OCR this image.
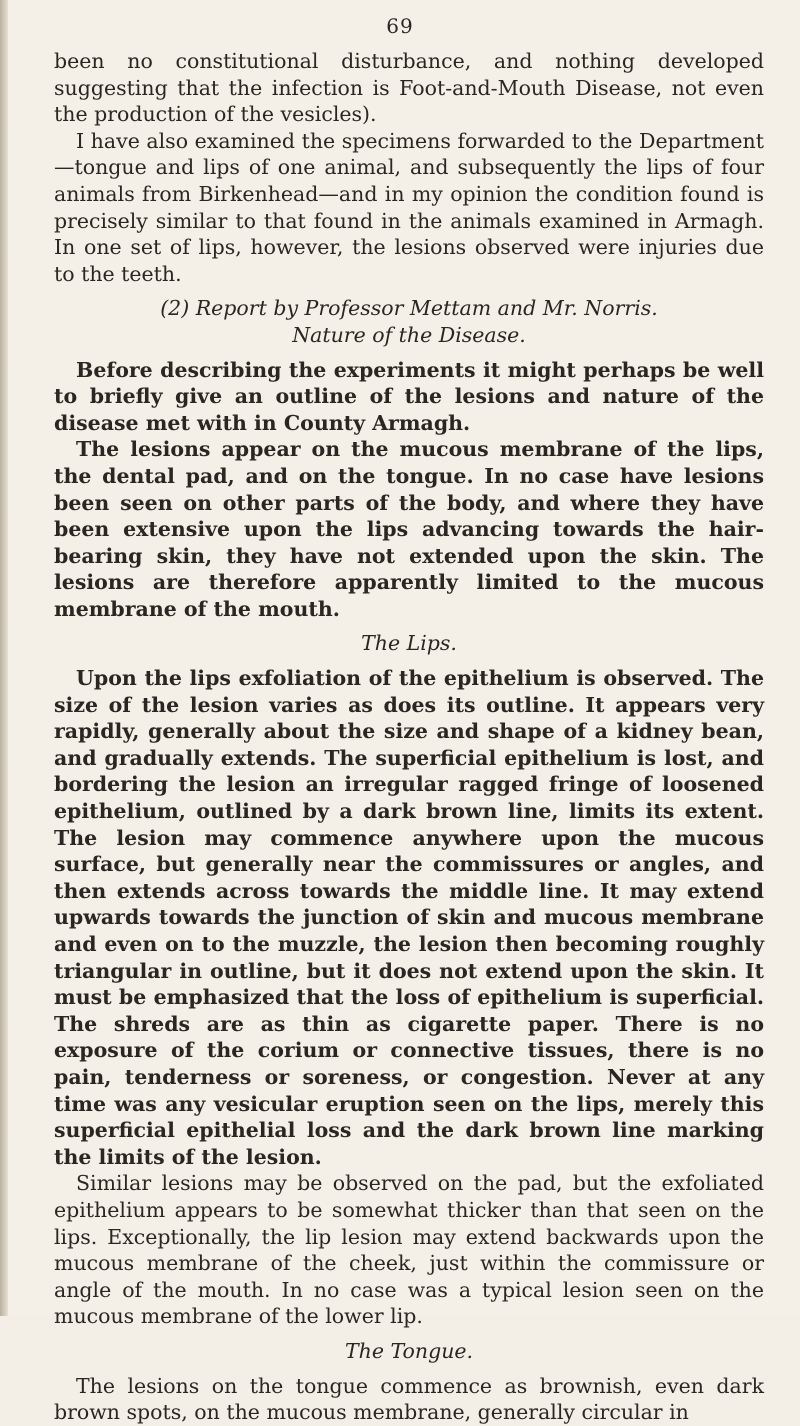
69

been no constitutional disturbance, and nothing developed suggesting that the infection is Foot-and-Mouth Disease, not even the production of the vesicles).

I have also examined the specimens forwarded to the Department—tongue and lips of one animal, and subsequently the lips of four animals from Birkenhead—and in my opinion the condition found is precisely similar to that found in the animals examined in Armagh. In one set of lips, however, the lesions observed were injuries due to the teeth.

(2) Report by Professor Mettam and Mr. Norris.

Nature of the Disease.

Before describing the experiments it might perhaps be well to briefly give an outline of the lesions and nature of the disease met with in County Armagh.

The lesions appear on the mucous membrane of the lips, the dental pad, and on the tongue. In no case have lesions been seen on other parts of the body, and where they have been extensive upon the lips advancing towards the hair-bearing skin, they have not extended upon the skin. The lesions are therefore apparently limited to the mucous membrane of the mouth.

The Lips.

Upon the lips exfoliation of the epithelium is observed. The size of the lesion varies as does its outline. It appears very rapidly, generally about the size and shape of a kidney bean, and gradually extends. The superficial epithelium is lost, and bordering the lesion an irregular ragged fringe of loosened epithelium, outlined by a dark brown line, limits its extent. The lesion may commence anywhere upon the mucous surface, but generally near the commissures or angles, and then extends across towards the middle line. It may extend upwards towards the junction of skin and mucous membrane and even on to the muzzle, the lesion then becoming roughly triangular in outline, but it does not extend upon the skin. It must be emphasized that the loss of epithelium is superficial. The shreds are as thin as cigarette paper. There is no exposure of the corium or connective tissues, there is no pain, tenderness or soreness, or congestion. Never at any time was any vesicular eruption seen on the lips, merely this superficial epithelial loss and the dark brown line marking the limits of the lesion.

Similar lesions may be observed on the pad, but the exfoliated epithelium appears to be somewhat thicker than that seen on the lips. Exceptionally, the lip lesion may extend backwards upon the mucous membrane of the cheek, just within the commissure or angle of the mouth. In no case was a typical lesion seen on the mucous membrane of the lower lip.

The Tongue.

The lesions on the tongue commence as brownish, even dark brown spots, on the mucous membrane, generally circular in
